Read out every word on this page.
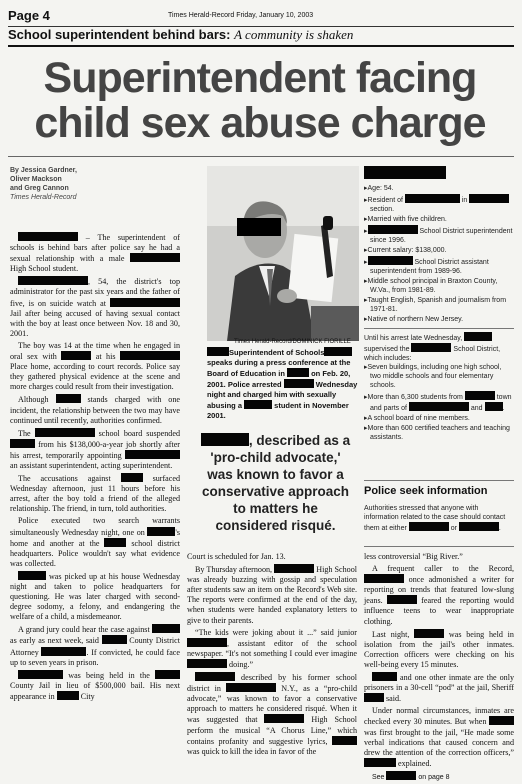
Page 4	Times Herald-Record Friday, January 10, 2003
School superintendent behind bars: A community is shaken
Superintendent facing child sex abuse charge
By Jessica Gardner,
Oliver Mackson
and Greg Cannon
Times Herald-Record

– The superintendent of schools is behind bars after police say he had a sexual relationship with a male  High School student.

, 54, the district's top administrator for the past six years and the father of five, is on suicide watch at  Jail after being accused of having sexual contact with the boy at least once between Nov. 18 and 30, 2001.

The boy was 14 at the time when he engaged in oral sex with	at his  Place home, according to court records. Police say they gathered physical evidence at the scene and more charges could result from their investigation.

Although	stands charged with one incident, the relationship between the two may have continued until recently, authorities confirmed.

The	school board suspended  from his $138,000-a-year job shortly after his arrest, temporarily appointing  an assistant superintendent, acting superintendent.

The accusations against	surfaced Wednesday afternoon, just 11 hours before his arrest, after the boy told a friend of the alleged relationship. The friend, in turn, told authorities.

Police executed two search warrants simultaneously Wednesday night, one on	's home and another at the	school district headquarters. Police wouldn't say what evidence was collected.

was picked up at his house Wednesday night and taken to police headquarters for questioning. He was later charged with second-degree sodomy, a felony, and endangering the welfare of a child, a misdemeanor.

A grand jury could hear the case against  as early as next week, said	County District Attorney	. If convicted, he could face up to seven years in prison.

was being held in the  County Jail in lieu of $500,000 bail. His next appearance in	City

Times Herald-Record/DOMINICK FIORILLE
Superintendent of Schools speaks during a press conference at the Board of Education in	on Feb. 20, 2001. Police arrested	Wednesday night and charged him with sexually abusing a	student in November 2001.
, described as a
'pro-child advocate,'
was known to favor a
conservative approach
to matters he
considered risqué.
▸ Age: 54.
▸ Resident of	in  section.
▸ Married with five children.
▸ School District superintendent since 1996.
▸ Current salary: $138,000.
▸ School District assistant superintendent from 1989-96.
▸ Middle school principal in Braxton County, W.Va., from 1981-89.
▸ Taught English, Spanish and journalism from 1971-81.
▸ Native of northern New Jersey.
Until his arrest late Wednesday,  supervised the	School District, which includes:
▸ Seven buildings, including one high school, two middle schools and four elementary schools.
▸ More than 6,300 students from	town and parts of	and	.
▸ A school board of nine members.
▸ More than 600 certified teachers and teaching assistants.
Police seek information
Authorities stressed that anyone with information related to the case should contact them at either	or	.

Court is scheduled for Jan. 13.

By Thursday afternoon,	High School was already buzzing with gossip and speculation after students saw an item on the Record's Web site. The reports were confirmed at the end of the day, when students were handed explanatory letters to give to their parents.

“The kids were joking about it ...” said junior , assistant editor of the school newspaper. “It's not something I could ever imagine  doing.”

described by his former school district in	N.Y., as a “pro-child advocate,” was known to favor a conservative approach to matters he considered risqué. When it was suggested that	High School perform the musical “A Chorus Line,” which contains profanity and suggestive lyrics,  was quick to kill the idea in favor of the

less controversial “Big River.”

A frequent caller to the Record,  once admonished a writer for reporting on trends that featured low-slung jeans.	feared the reporting would influence teens to wear inappropriate clothing.

Last night,	was being held in isolation from the jail's other inmates. Correction officers were checking on his well-being every 15 minutes.

and one other inmate are the only prisoners in a 30-cell “pod” at the jail, Sheriff  said.

Under normal circumstances, inmates are checked every 30 minutes. But when  was first brought to the jail, “He made some verbal indications that caused concern and drew the attention of the correction officers,”  explained.

See	on page 8
